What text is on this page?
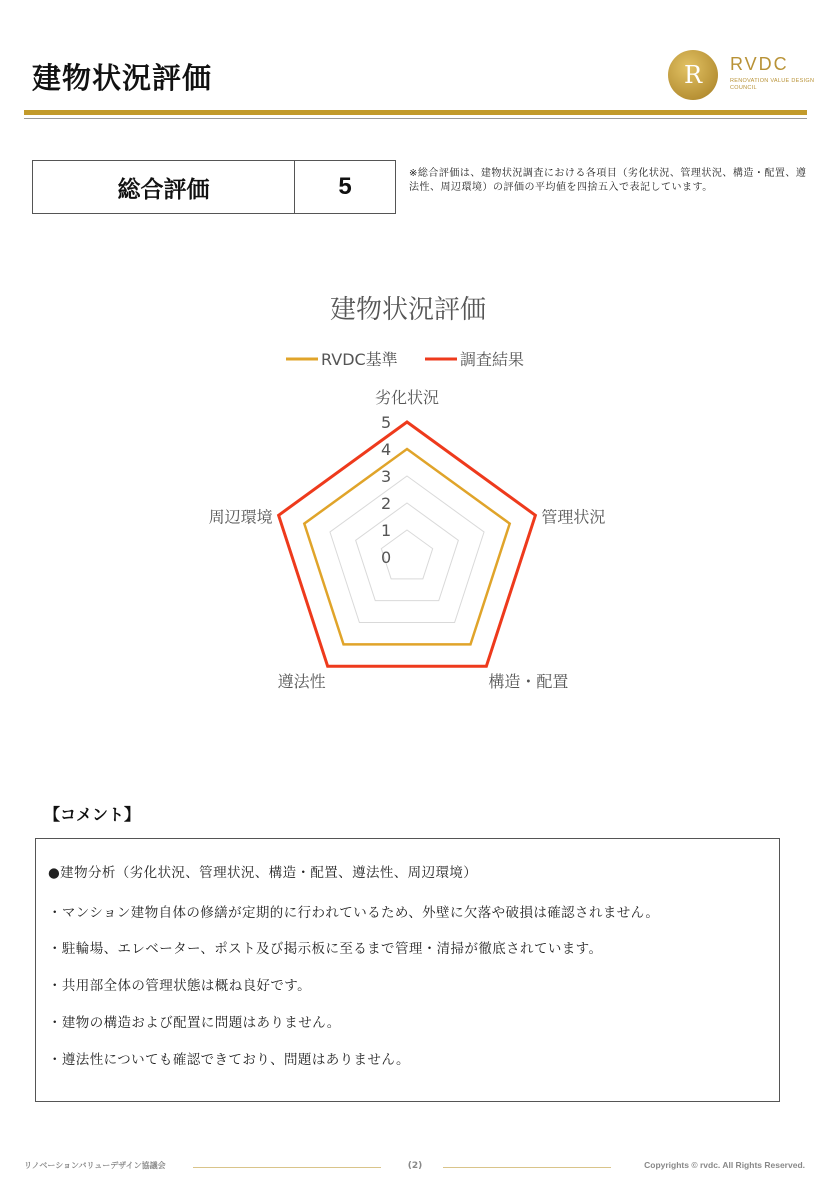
建物状況評価	R	RVDC
RENOVATION VALUE DESIGN
COUNCIL
総合評価	5	※総合評価は、建物状況調査における各項目（劣化状況、管理状況、構造・配置、遵法性、周辺環境）の評価の平均値を四捨五入で表記しています。
建物状況評価
RVDC基準	調査結果
0
1
2
3
4
5
劣化状況
管理状況
構造・配置
遵法性
周辺環境
【コメント】
●建物分析（劣化状況、管理状況、構造・配置、遵法性、周辺環境）
・マンション建物自体の修繕が定期的に行われているため、外壁に欠落や破損は確認されません。
・駐輪場、エレベーター、ポスト及び掲示板に至るまで管理・清掃が徹底されています。
・共用部全体の管理状態は概ね良好です。
・建物の構造および配置に問題はありません。
・遵法性についても確認できており、問題はありません。
リノベーションバリューデザイン協議会	(2)	Copyrights © rvdc. All Rights Reserved.
